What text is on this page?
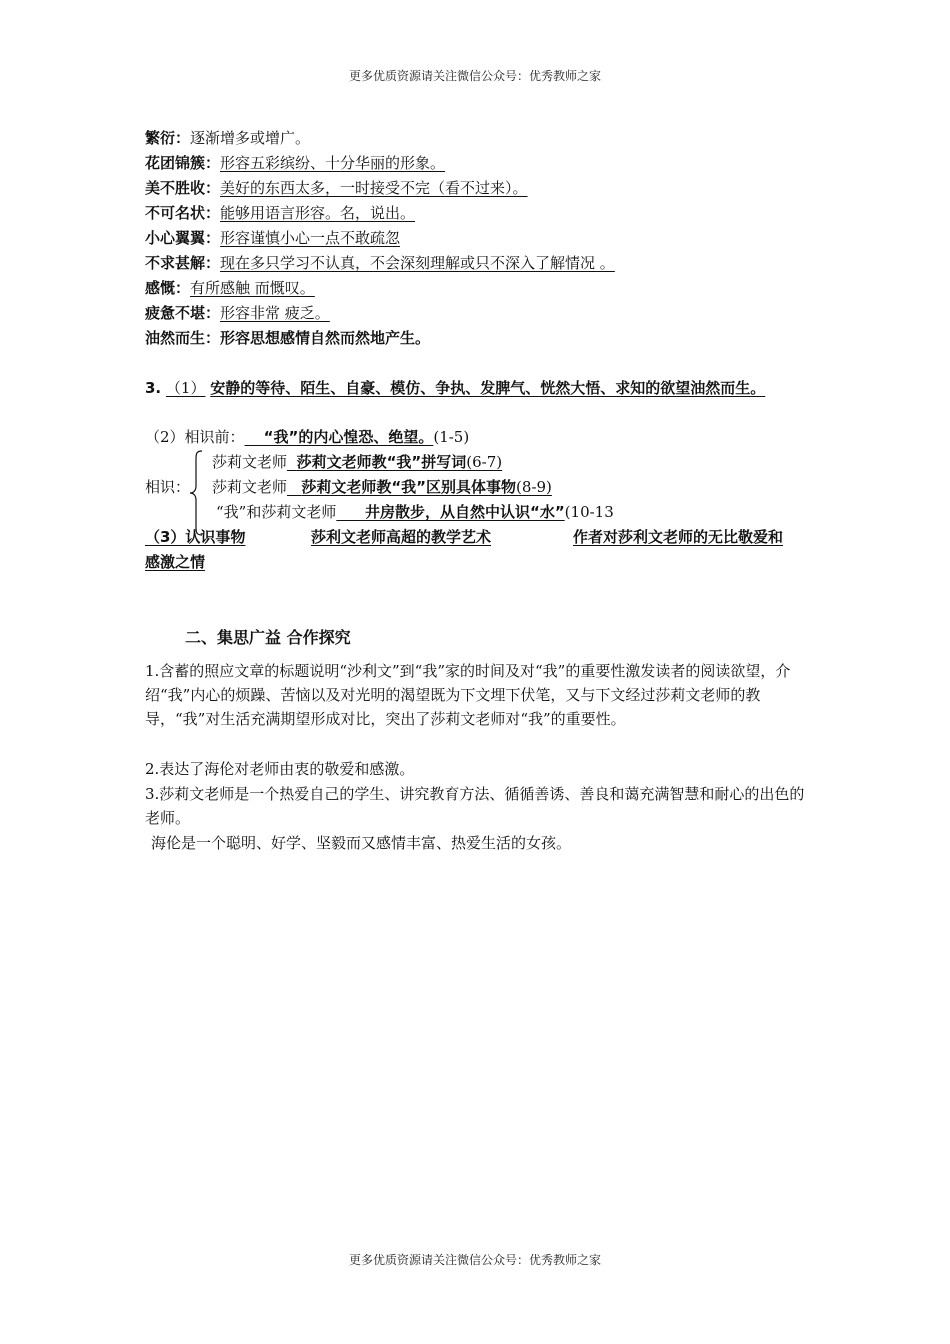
更多优质资源请关注微信公众号：优秀教师之家
繁衍：逐渐增多或增广。
花团锦簇：形容五彩缤纷、十分华丽的形象。
美不胜收：美好的东西太多，一时接受不完（看不过来）。
不可名状：能够用语言形容。名，说出。
小心翼翼：形容谨慎小心一点不敢疏忽
不求甚解：现在多只学习不认真，不会深刻理解或只不深入了解情况 。
感慨：有所感触 而慨叹。
疲惫不堪：形容非常 疲乏。
油然而生：形容思想感情自然而然地产生。
3. （1） 安静的等待、陌生、自豪、模仿、争执、发脾气、恍然大悟、求知的欲望油然而生。
（2）相识前： “我”的内心惶恐、绝望。(1-5)
相识：
莎莉文老师 莎莉文老师教“我”拼写词(6-7)
莎莉文老师 莎莉文老师教“我”区别具体事物(8-9)
“我”和莎莉文老师 井房散步，从自然中认识“水”(10-13
（3）认识事物	莎利文老师高超的教学艺术	作者对莎利文老师的无比敬爱和
感激之情
二、集思广益 合作探究
1.含蓄的照应文章的标题说明“沙利文”到“我”家的时间及对“我”的重要性激发读者的阅读欲望，介绍“我”内心的烦躁、苦恼以及对光明的渴望既为下文埋下伏笔，又与下文经过莎莉文老师的教导，“我”对生活充满期望形成对比，突出了莎莉文老师对“我”的重要性。
2.表达了海伦对老师由衷的敬爱和感激。
3.莎莉文老师是一个热爱自己的学生、讲究教育方法、循循善诱、善良和蔼充满智慧和耐心的出色的老师。
海伦是一个聪明、好学、坚毅而又感情丰富、热爱生活的女孩。
更多优质资源请关注微信公众号：优秀教师之家
